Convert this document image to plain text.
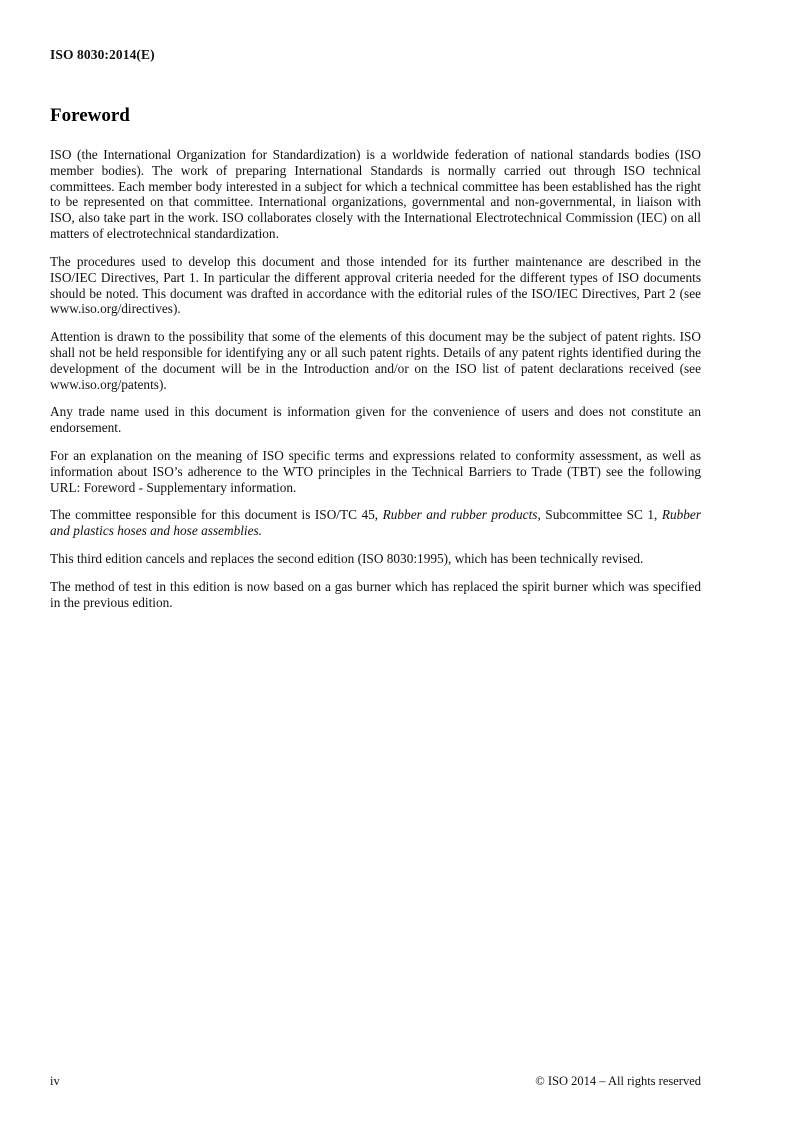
ISO 8030:2014(E)
Foreword

ISO (the International Organization for Standardization) is a worldwide federation of national standards bodies (ISO member bodies). The work of preparing International Standards is normally carried out through ISO technical committees. Each member body interested in a subject for which a technical committee has been established has the right to be represented on that committee. International organizations, governmental and non-governmental, in liaison with ISO, also take part in the work. ISO collaborates closely with the International Electrotechnical Commission (IEC) on all matters of electrotechnical standardization.

The procedures used to develop this document and those intended for its further maintenance are described in the ISO/IEC Directives, Part 1. In particular the different approval criteria needed for the different types of ISO documents should be noted. This document was drafted in accordance with the editorial rules of the ISO/IEC Directives, Part 2 (see www.iso.org/directives).

Attention is drawn to the possibility that some of the elements of this document may be the subject of patent rights. ISO shall not be held responsible for identifying any or all such patent rights. Details of any patent rights identified during the development of the document will be in the Introduction and/or on the ISO list of patent declarations received (see www.iso.org/patents).

Any trade name used in this document is information given for the convenience of users and does not constitute an endorsement.

For an explanation on the meaning of ISO specific terms and expressions related to conformity assessment, as well as information about ISO’s adherence to the WTO principles in the Technical Barriers to Trade (TBT) see the following URL: Foreword - Supplementary information.

The committee responsible for this document is ISO/TC 45, Rubber and rubber products, Subcommittee SC 1, Rubber and plastics hoses and hose assemblies.

This third edition cancels and replaces the second edition (ISO 8030:1995), which has been technically revised.

The method of test in this edition is now based on a gas burner which has replaced the spirit burner which was specified in the previous edition.

iv	© ISO 2014 – All rights reserved
